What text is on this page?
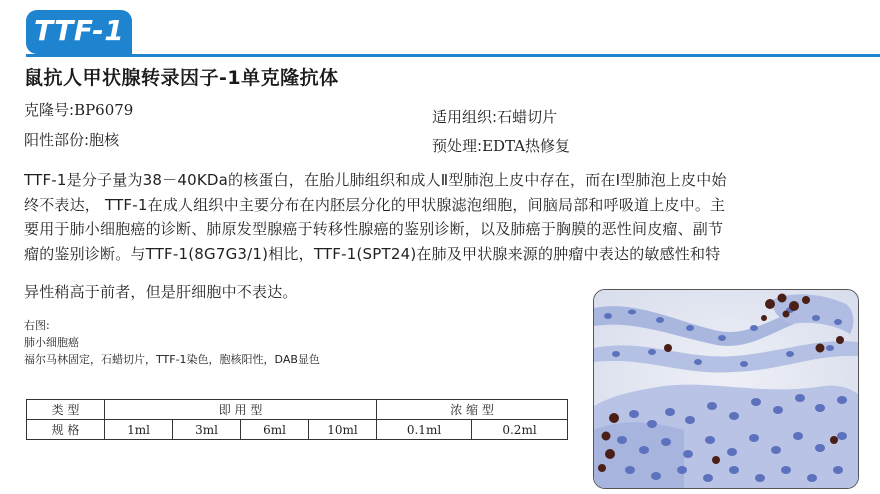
TTF-1
鼠抗人甲状腺转录因子-1单克隆抗体
克隆号:BP6079
阳性部份:胞核
适用组织:石蜡切片
预处理:EDTA热修复
TTF-1是分子量为38－40KDa的核蛋白，在胎儿肺组织和成人Ⅱ型肺泡上皮中存在，而在Ⅰ型肺泡上皮中始
终不表达， TTF-1在成人组织中主要分布在内胚层分化的甲状腺滤泡细胞，间脑局部和呼吸道上皮中。主
要用于肺小细胞癌的诊断、肺原发型腺癌于转移性腺癌的鉴别诊断，以及肺癌于胸膜的恶性间皮瘤、副节
瘤的鉴别诊断。与TTF-1(8G7G3/1)相比，TTF-1(SPT24)在肺及甲状腺来源的肿瘤中表达的敏感性和特
异性稍高于前者，但是肝细胞中不表达。
右图:
肺小细胞癌
福尔马林固定，石蜡切片，TTF-1染色，胞核阳性，DAB显色
类 型	即 用 型				浓 缩 型	
规 格	1ml	3ml	6ml	10ml	0.1ml	0.2ml
